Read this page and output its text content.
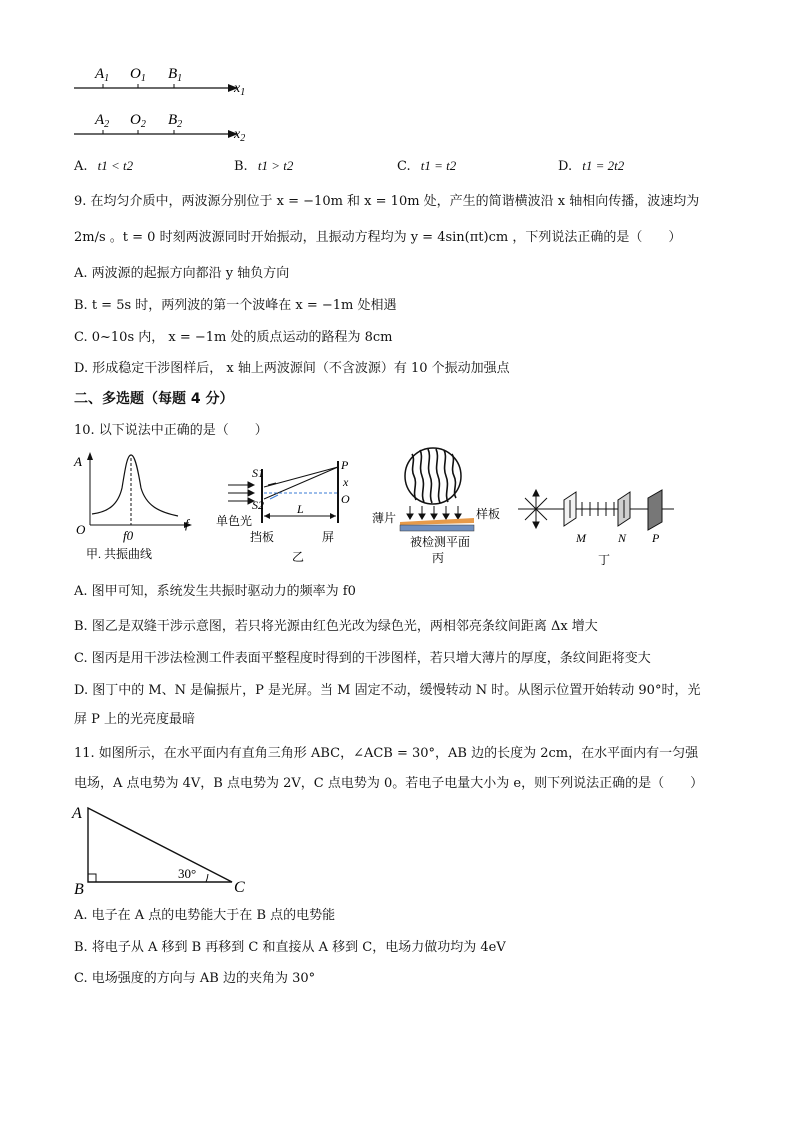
$A_1$ $O_1$ $B_1$
$x_1$
$A_2$ $O_2$ $B_2$
$x_2$
A. t1 < t2	B. t1 > t2	C. t1 = t2	D. t1 = 2t2
9. 在均匀介质中，两波源分别位于 x = −10m 和 x = 10m 处，产生的简谐横波沿 x 轴相向传播，波速均为
2m/s 。t = 0 时刻两波源同时开始振动，且振动方程均为 y = 4sin(πt)cm ，下列说法正确的是（　　）
A. 两波源的起振方向都沿 y 轴负方向
B. t = 5s 时，两列波的第一个波峰在 x = −1m 处相遇
C. 0~10s 内， x = −1m 处的质点运动的路程为 8cm
D. 形成稳定干涉图样后， x 轴上两波源间（不含波源）有 10 个振动加强点
二、多选题（每题 4 分）
10. 以下说法中正确的是（　　）
A
O	f0
f
甲. 共振曲线
S1
S2
P
x
O
L
单色光
挡板	屏
乙
薄片	样板
被检测平面
丙
M	N P
丁
A. 图甲可知，系统发生共振时驱动力的频率为 f0
B. 图乙是双缝干涉示意图，若只将光源由红色光改为绿色光，两相邻亮条纹间距离 Δx 增大
C. 图丙是用干涉法检测工件表面平整程度时得到的干涉图样，若只增大薄片的厚度，条纹间距将变大
D. 图丁中的 M、N 是偏振片，P 是光屏。当 M 固定不动，缓慢转动 N 时。从图示位置开始转动 90°时，光
屏 P 上的光亮度最暗
11. 如图所示，在水平面内有直角三角形 ABC，∠ACB = 30°，AB 边的长度为 2cm，在水平面内有一匀强
电场，A 点电势为 4V，B 点电势为 2V，C 点电势为 0。若电子电量大小为 e，则下列说法正确的是（　　）
A
B	C
30°
A. 电子在 A 点的电势能大于在 B 点的电势能
B. 将电子从 A 移到 B 再移到 C 和直接从 A 移到 C，电场力做功均为 4eV
C. 电场强度的方向与 AB 边的夹角为 30°
